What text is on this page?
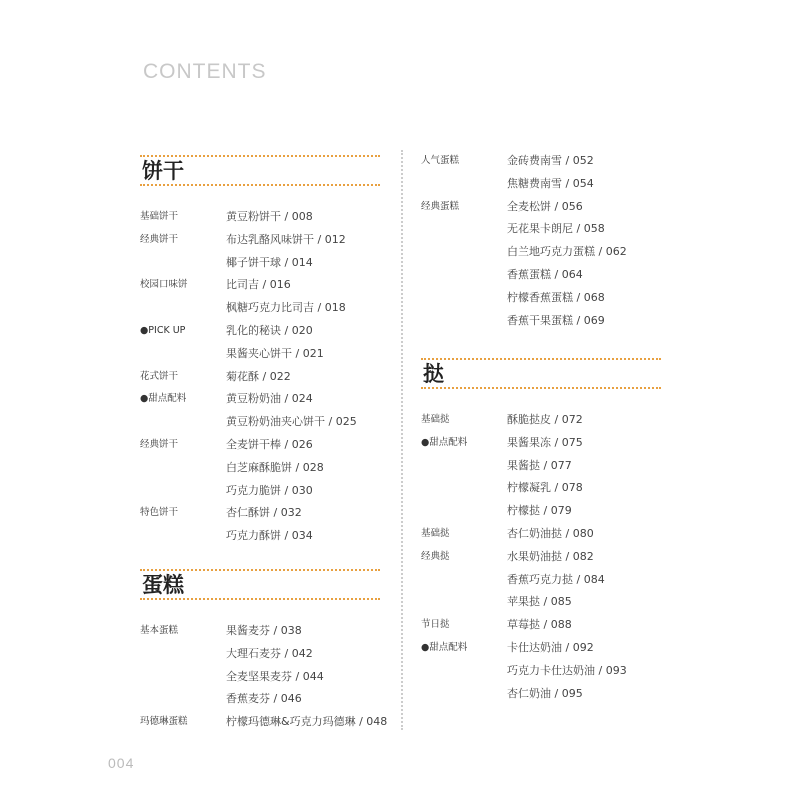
CONTENTS
饼干
基础饼干	黄豆粉饼干 / 008
经典饼干	布达乳酪风味饼干 / 012
椰子饼干球 / 014
校园口味饼	比司吉 / 016
枫糖巧克力比司吉 / 018
●PICK UP	乳化的秘诀 / 020
果酱夹心饼干 / 021
花式饼干	菊花酥 / 022
●甜点配料	黄豆粉奶油 / 024
黄豆粉奶油夹心饼干 / 025
经典饼干	全麦饼干棒 / 026
白芝麻酥脆饼 / 028
巧克力脆饼 / 030
特色饼干	杏仁酥饼 / 032
巧克力酥饼 / 034
蛋糕
基本蛋糕	果酱麦芬 / 038
大理石麦芬 / 042
全麦坚果麦芬 / 044
香蕉麦芬 / 046
玛德琳蛋糕	柠檬玛德琳&巧克力玛德琳 / 048
人气蛋糕	金砖费南雪 / 052
焦糖费南雪 / 054
经典蛋糕	全麦松饼 / 056
无花果卡朗尼 / 058
白兰地巧克力蛋糕 / 062
香蕉蛋糕 / 064
柠檬香蕉蛋糕 / 068
香蕉干果蛋糕 / 069
挞
基础挞	酥脆挞皮 / 072
●甜点配料	果酱果冻 / 075
果酱挞 / 077
柠檬凝乳 / 078
柠檬挞 / 079
基础挞	杏仁奶油挞 / 080
经典挞	水果奶油挞 / 082
香蕉巧克力挞 / 084
苹果挞 / 085
节日挞	草莓挞 / 088
●甜点配料	卡仕达奶油 / 092
巧克力卡仕达奶油 / 093
杏仁奶油 / 095
004
